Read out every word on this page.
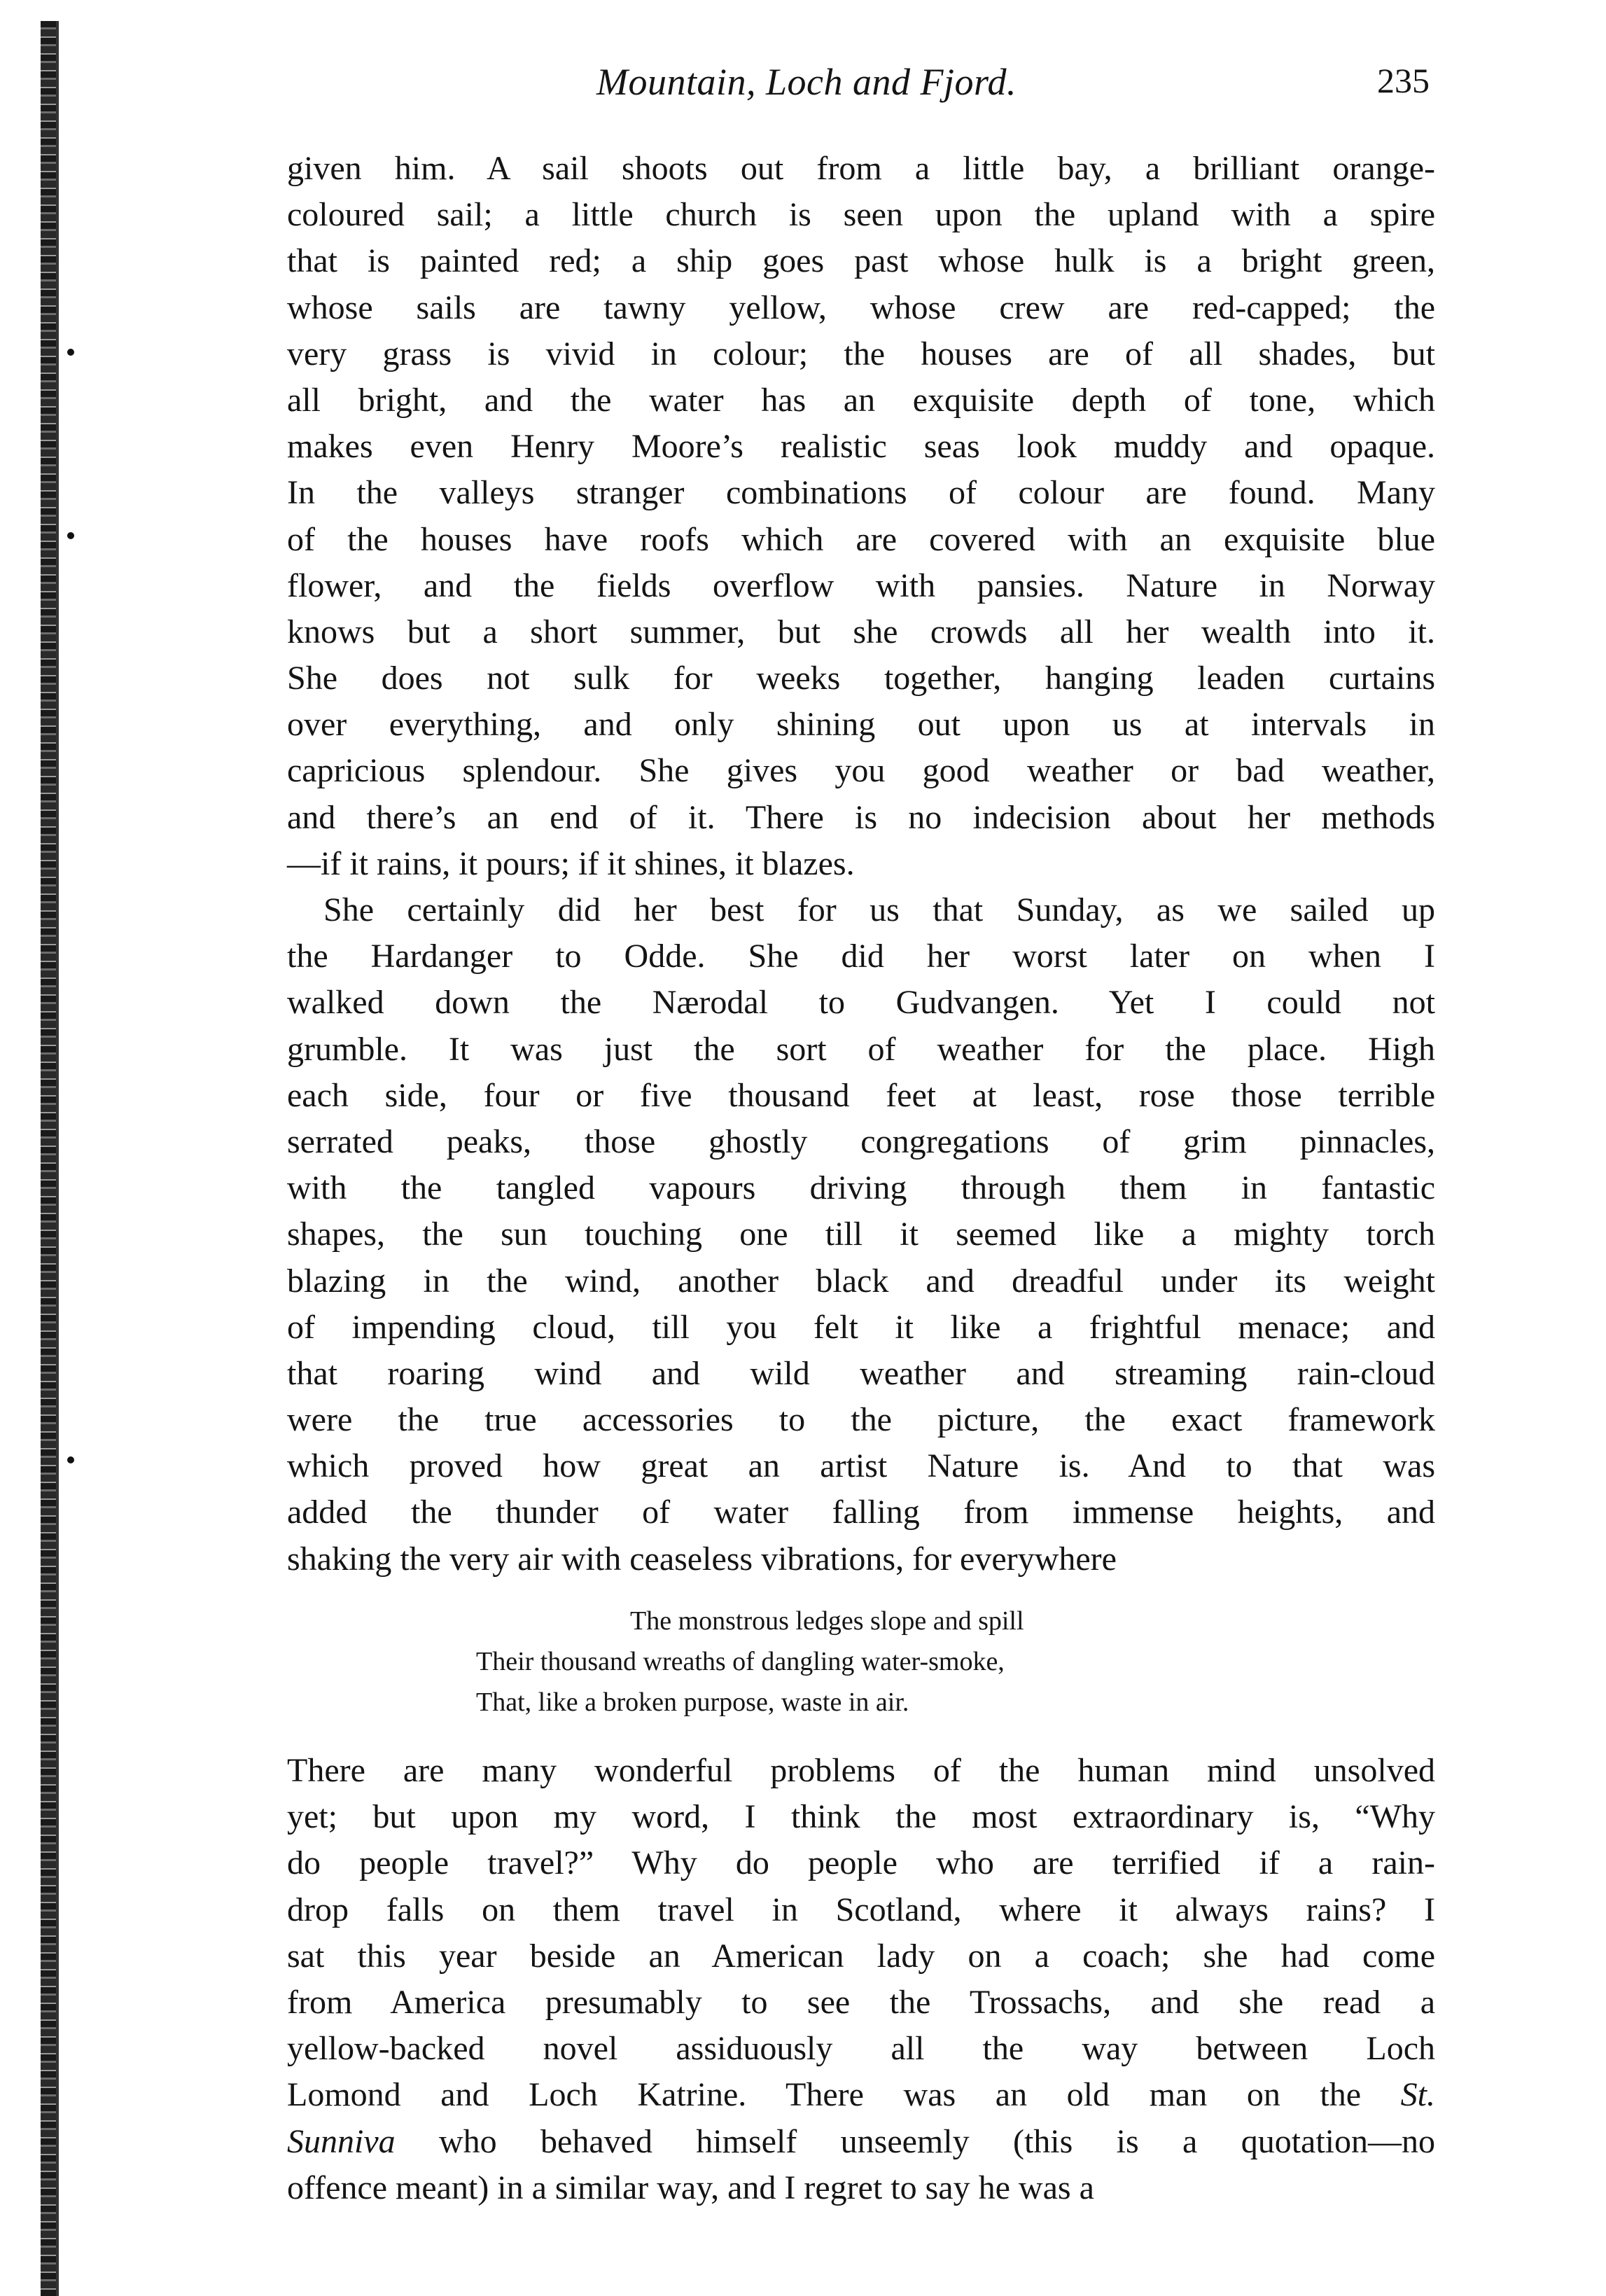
Mountain, Loch and Fjord.	235
given him. A sail shoots out from a little bay, a brilliant orange-
coloured sail; a little church is seen upon the upland with a spire
that is painted red; a ship goes past whose hulk is a bright green,
whose sails are tawny yellow, whose crew are red-capped; the
very grass is vivid in colour; the houses are of all shades, but
all bright, and the water has an exquisite depth of tone, which
makes even Henry Moore’s realistic seas look muddy and opaque.
In the valleys stranger combinations of colour are found. Many
of the houses have roofs which are covered with an exquisite blue
flower, and the fields overflow with pansies. Nature in Norway
knows but a short summer, but she crowds all her wealth into it.
She does not sulk for weeks together, hanging leaden curtains
over everything, and only shining out upon us at intervals in
capricious splendour. She gives you good weather or bad weather,
and there’s an end of it. There is no indecision about her methods
—if it rains, it pours; if it shines, it blazes.
She certainly did her best for us that Sunday, as we sailed up
the Hardanger to Odde. She did her worst later on when I
walked down the Nærodal to Gudvangen. Yet I could not
grumble. It was just the sort of weather for the place. High
each side, four or five thousand feet at least, rose those terrible
serrated peaks, those ghostly congregations of grim pinnacles,
with the tangled vapours driving through them in fantastic
shapes, the sun touching one till it seemed like a mighty torch
blazing in the wind, another black and dreadful under its weight
of impending cloud, till you felt it like a frightful menace; and
that roaring wind and wild weather and streaming rain-cloud
were the true accessories to the picture, the exact framework
which proved how great an artist Nature is. And to that was
added the thunder of water falling from immense heights, and
shaking the very air with ceaseless vibrations, for everywhere
The monstrous ledges slope and spill
Their thousand wreaths of dangling water-smoke,
That, like a broken purpose, waste in air.
There are many wonderful problems of the human mind unsolved
yet; but upon my word, I think the most extraordinary is, “Why
do people travel?” Why do people who are terrified if a rain-
drop falls on them travel in Scotland, where it always rains? I
sat this year beside an American lady on a coach; she had come
from America presumably to see the Trossachs, and she read a
yellow-backed novel assiduously all the way between Loch
Lomond and Loch Katrine. There was an old man on the St.
Sunniva who behaved himself unseemly (this is a quotation—no
offence meant) in a similar way, and I regret to say he was a
